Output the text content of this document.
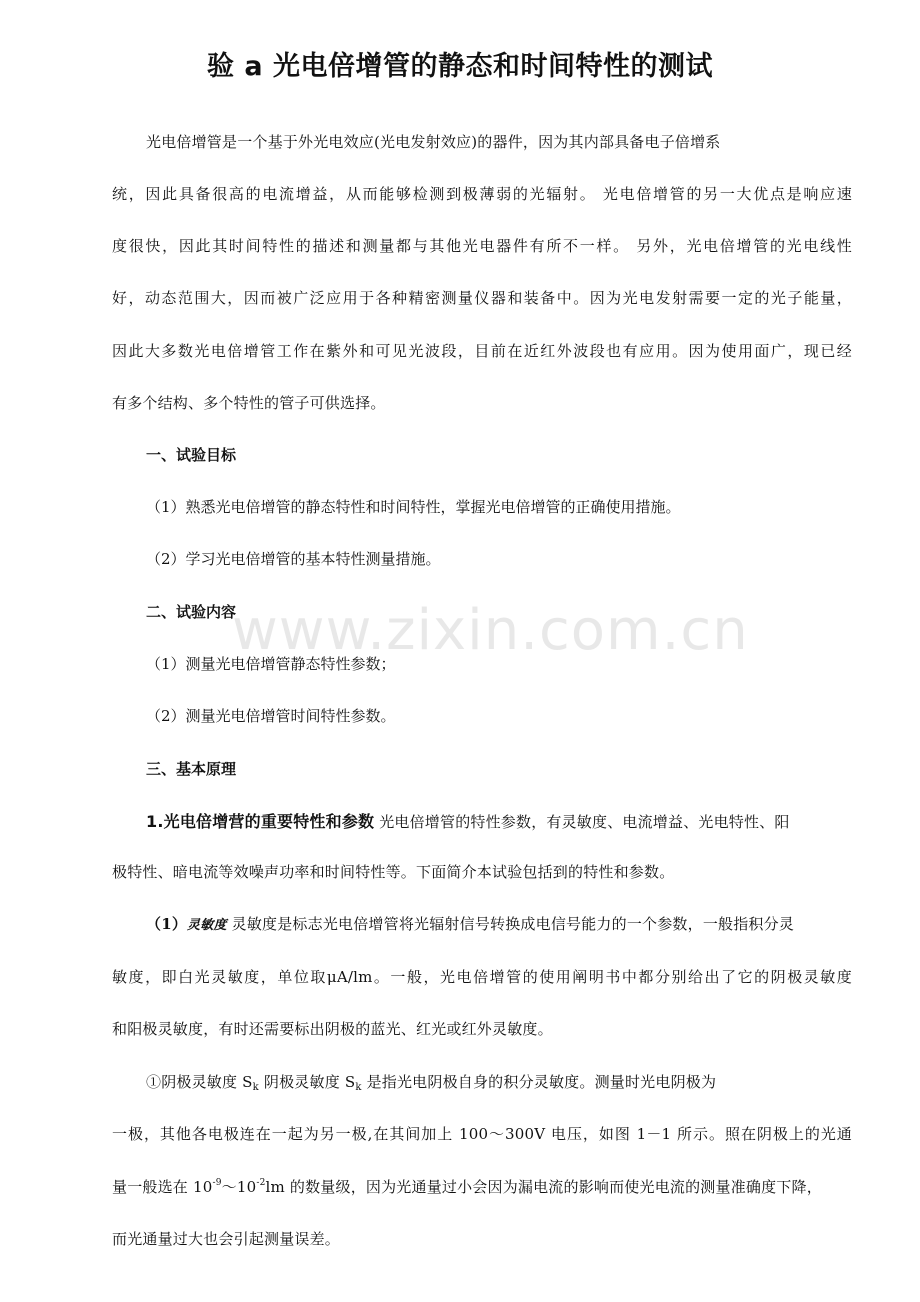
验 a 光电倍增管的静态和时间特性的测试
光电倍增管是一个基于外光电效应(光电发射效应)的器件，因为其内部具备电子倍增系
统，因此具备很高的电流增益，从而能够检测到极薄弱的光辐射。 光电倍增管的另一大优点是响应速
度很快，因此其时间特性的描述和测量都与其他光电器件有所不一样。 另外，光电倍增管的光电线性
好，动态范围大，因而被广泛应用于各种精密测量仪器和装备中。因为光电发射需要一定的光子能量，
因此大多数光电倍增管工作在紫外和可见光波段，目前在近红外波段也有应用。因为使用面广，现已经
有多个结构、多个特性的管子可供选择。
一、试验目标
（1）熟悉光电倍增管的静态特性和时间特性，掌握光电倍增管的正确使用措施。
（2）学习光电倍增管的基本特性测量措施。
二、试验内容
（1）测量光电倍增管静态特性参数；
（2）测量光电倍增管时间特性参数。
三、基本原理
1.光电倍增营的重要特性和参数 光电倍增管的特性参数，有灵敏度、电流增益、光电特性、阳
极特性、暗电流等效噪声功率和时间特性等。下面简介本试验包括到的特性和参数。
（1）灵敏度 灵敏度是标志光电倍增管将光辐射信号转换成电信号能力的一个参数，一般指积分灵
敏度，即白光灵敏度，单位取μA/lm。一般，光电倍增管的使用阐明书中都分别给出了它的阴极灵敏度
和阳极灵敏度，有时还需要标出阴极的蓝光、红光或红外灵敏度。
①阴极灵敏度 $S_k$ 阴极灵敏度 $S_k$ 是指光电阴极自身的积分灵敏度。测量时光电阴极为
一极，其他各电极连在一起为另一极,在其间加上 100～300V 电压，如图 1－1 所示。照在阴极上的光通
量一般选在 $10^{-9}\sim 10^{-2}lm$ 的数量级，因为光通量过小会因为漏电流的影响而使光电流的测量准确度下降，
而光通量过大也会引起测量误差。
www.zixin.com.cn
